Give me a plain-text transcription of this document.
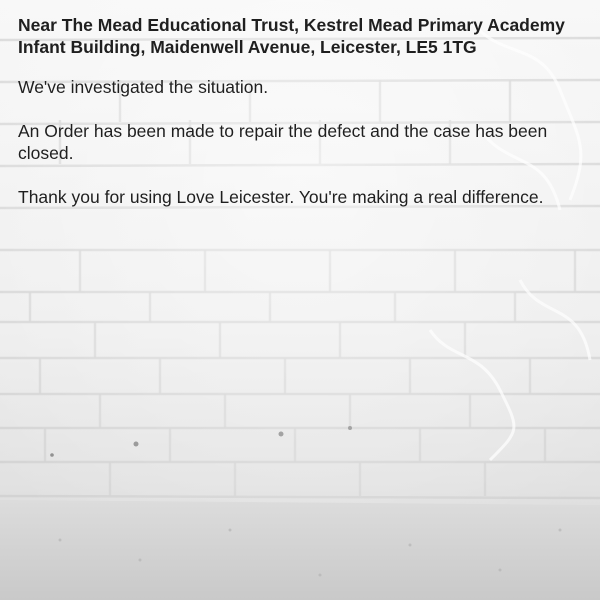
Near The Mead Educational Trust, Kestrel Mead Primary Academy Infant Building, Maidenwell Avenue, Leicester, LE5 1TG
We've investigated the situation.
An Order has been made to repair the defect and the case has been closed.
Thank you for using Love Leicester. You're making a real difference.
